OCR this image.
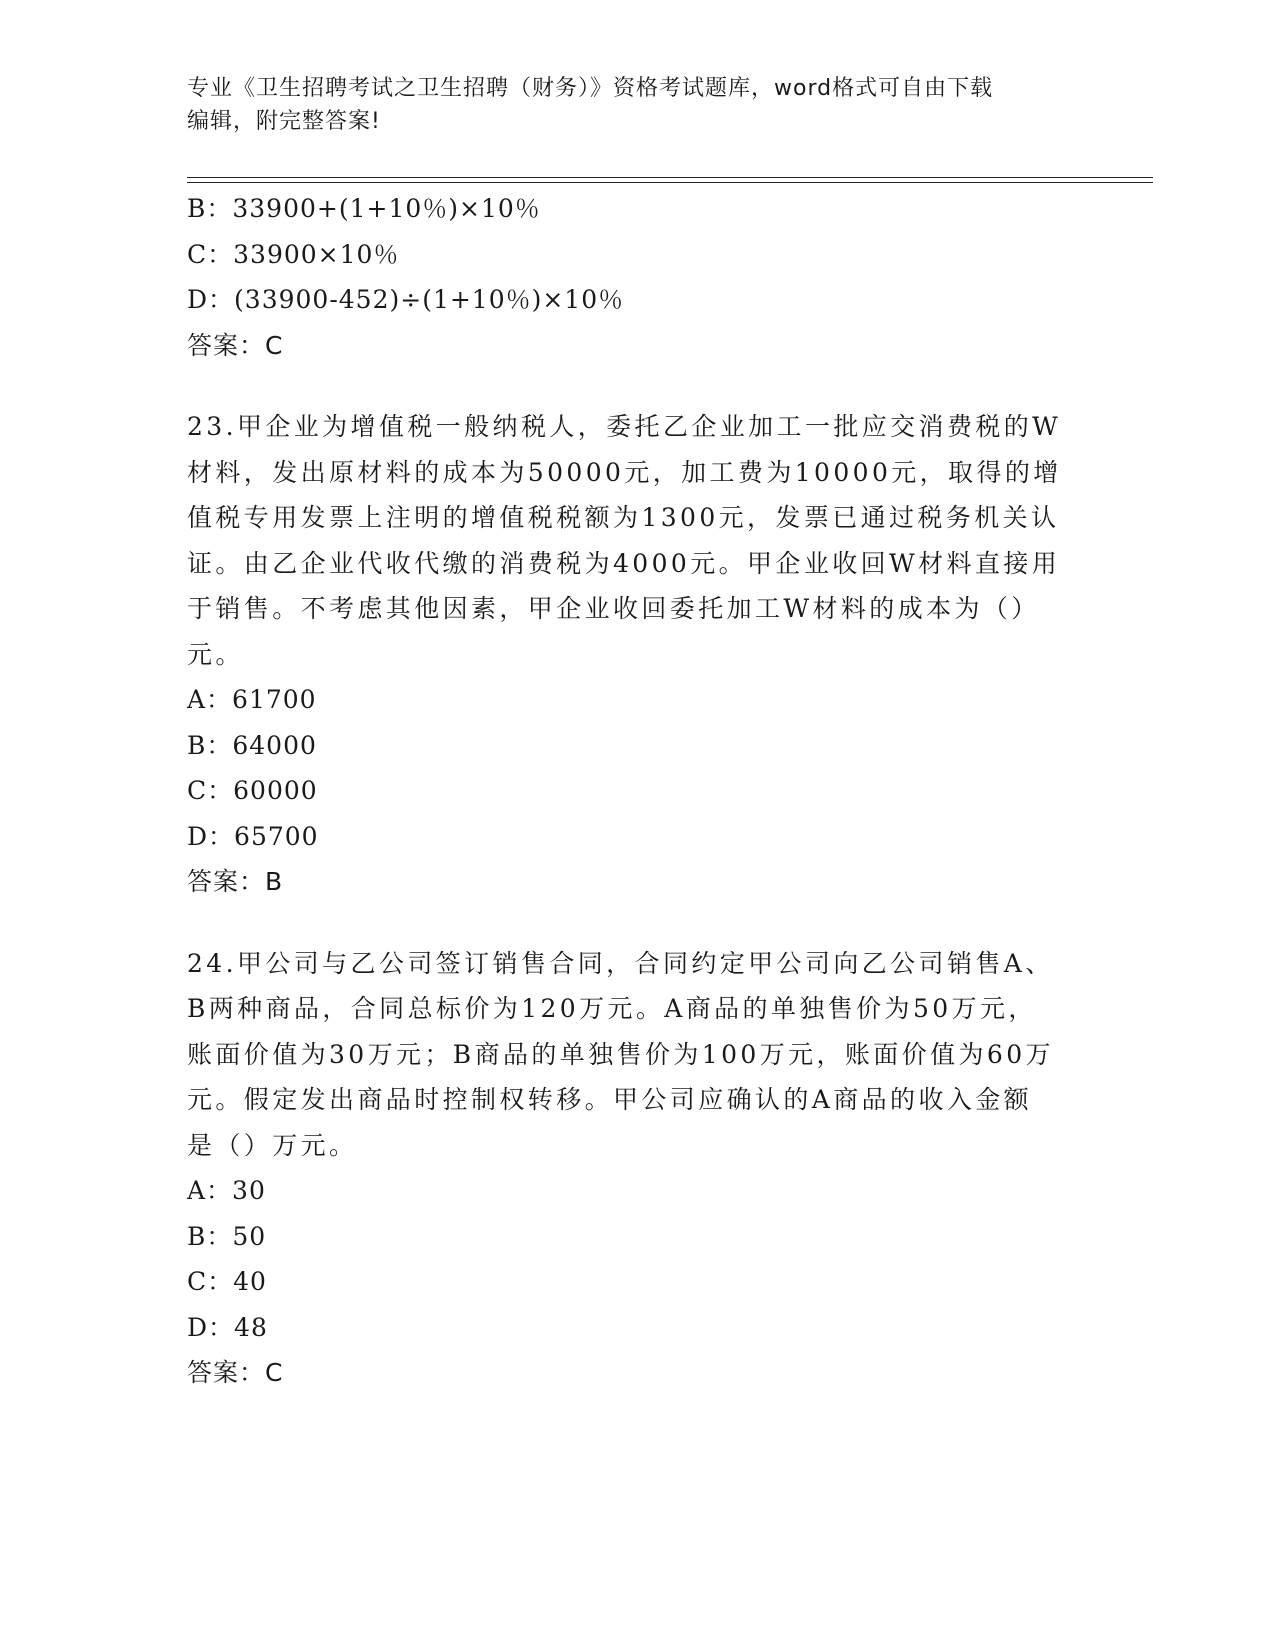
专业《卫生招聘考试之卫生招聘（财务）》资格考试题库，word格式可自由下载
编辑，附完整答案!
B：33900+(1+10％)×10％
C：33900×10％
D：(33900-452)÷(1+10％)×10％
答案：C
23.甲企业为增值税一般纳税人，委托乙企业加工一批应交消费税的W
材料，发出原材料的成本为50000元，加工费为10000元，取得的增
值税专用发票上注明的增值税税额为1300元，发票已通过税务机关认
证。由乙企业代收代缴的消费税为4000元。甲企业收回W材料直接用
于销售。不考虑其他因素，甲企业收回委托加工W材料的成本为（）
元。
A：61700
B：64000
C：60000
D：65700
答案：B
24.甲公司与乙公司签订销售合同，合同约定甲公司向乙公司销售A、
B两种商品，合同总标价为120万元。A商品的单独售价为50万元，
账面价值为30万元；B商品的单独售价为100万元，账面价值为60万
元。假定发出商品时控制权转移。甲公司应确认的A商品的收入金额
是（）万元。
A：30
B：50
C：40
D：48
答案：C
